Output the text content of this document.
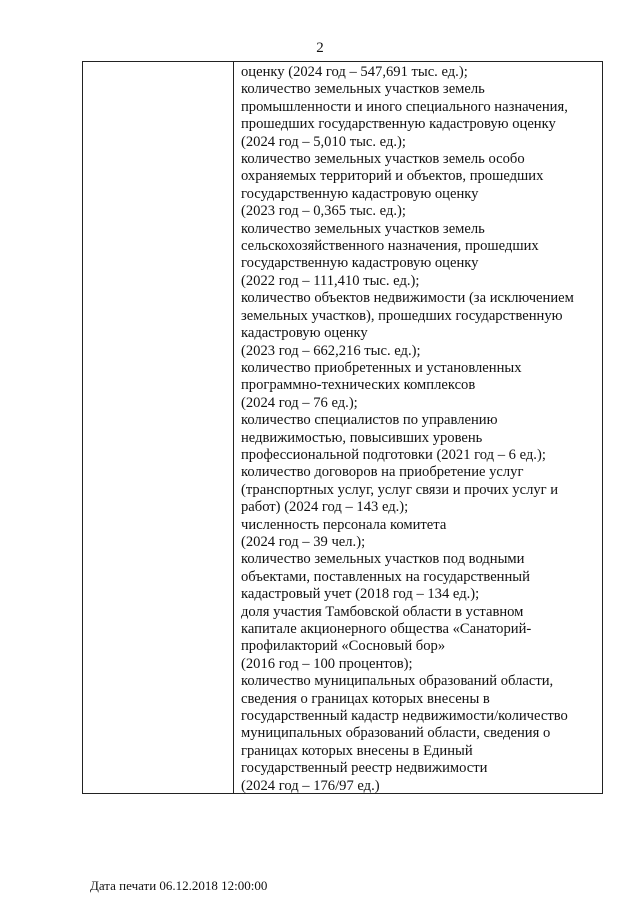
2
оценку (2024 год – 547,691 тыс. ед.);
количество земельных участков земель
промышленности и иного специального назначения,
прошедших государственную кадастровую оценку
(2024 год – 5,010 тыс. ед.);
количество земельных участков земель особо
охраняемых территорий и объектов, прошедших
государственную кадастровую оценку
(2023 год – 0,365 тыс. ед.);
количество земельных участков земель
сельскохозяйственного назначения, прошедших
государственную кадастровую оценку
(2022 год – 111,410 тыс. ед.);
количество объектов недвижимости (за исключением
земельных участков), прошедших государственную
кадастровую оценку
(2023 год – 662,216 тыс. ед.);
количество приобретенных и установленных
программно-технических комплексов
(2024 год – 76 ед.);
количество специалистов по управлению
недвижимостью, повысивших уровень
профессиональной подготовки (2021 год – 6 ед.);
количество договоров на приобретение услуг
(транспортных услуг, услуг связи и прочих услуг и
работ) (2024 год – 143 ед.);
численность персонала комитета
(2024 год – 39 чел.);
количество земельных участков под водными
объектами, поставленных на государственный
кадастровый учет (2018 год – 134 ед.);
доля участия Тамбовской области в уставном
капитале акционерного общества «Санаторий-
профилакторий «Сосновый бор»
(2016 год – 100 процентов);
количество муниципальных образований области,
сведения о границах которых внесены в
государственный кадастр недвижимости/количество
муниципальных образований области, сведения о
границах которых внесены в Единый
государственный реестр недвижимости
(2024 год – 176/97 ед.)
Дата печати 06.12.2018 12:00:00
